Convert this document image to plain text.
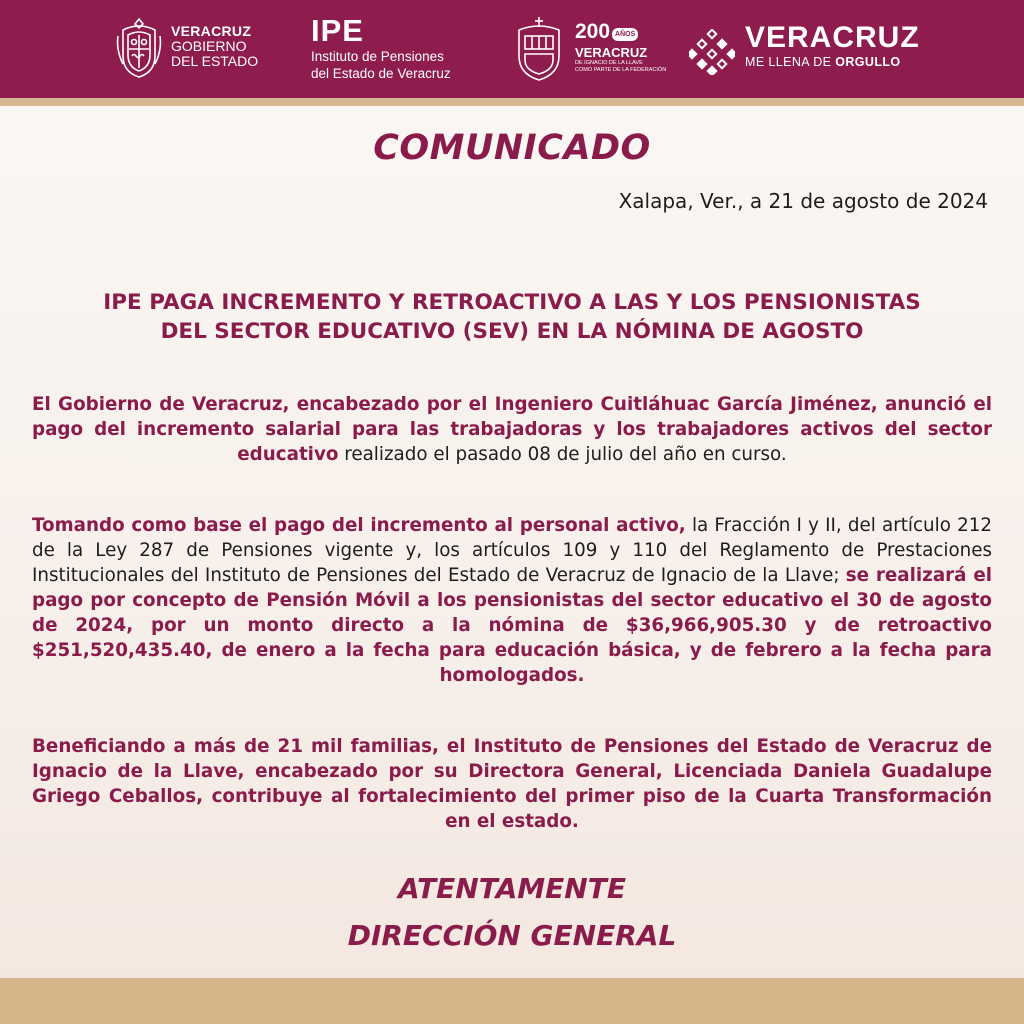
VERACRUZ
GOBIERNO
DEL ESTADO
IPE
Instituto de Pensiones
del Estado de Veracruz
200 AÑOS
VERACRUZ
DE IGNACIO DE LA LLAVE
COMO PARTE DE LA FEDERACIÓN
VERACRUZ
ME LLENA DE ORGULLO
COMUNICADO
Xalapa, Ver., a 21 de agosto de 2024
IPE PAGA INCREMENTO Y RETROACTIVO A LAS Y LOS PENSIONISTAS
DEL SECTOR EDUCATIVO (SEV) EN LA NÓMINA DE AGOSTO

El Gobierno de Veracruz, encabezado por el Ingeniero Cuitláhuac García Jiménez, anunció el pago del incremento salarial para las trabajadoras y los trabajadores activos del sector educativo realizado el pasado 08 de julio del año en curso.

Tomando como base el pago del incremento al personal activo, la Fracción I y II, del artículo 212 de la Ley 287 de Pensiones vigente y, los artículos 109 y 110 del Reglamento de Prestaciones Institucionales del Instituto de Pensiones del Estado de Veracruz de Ignacio de la Llave; se realizará el pago por concepto de Pensión Móvil a los pensionistas del sector educativo el 30 de agosto de 2024, por un monto directo a la nómina de $36,966,905.30 y de retroactivo $251,520,435.40, de enero a la fecha para educación básica, y de febrero a la fecha para homologados.

Beneficiando a más de 21 mil familias, el Instituto de Pensiones del Estado de Veracruz de Ignacio de la Llave, encabezado por su Directora General, Licenciada Daniela Guadalupe Griego Ceballos, contribuye al fortalecimiento del primer piso de la Cuarta Transformación en el estado.

ATENTAMENTE
DIRECCIÓN GENERAL
